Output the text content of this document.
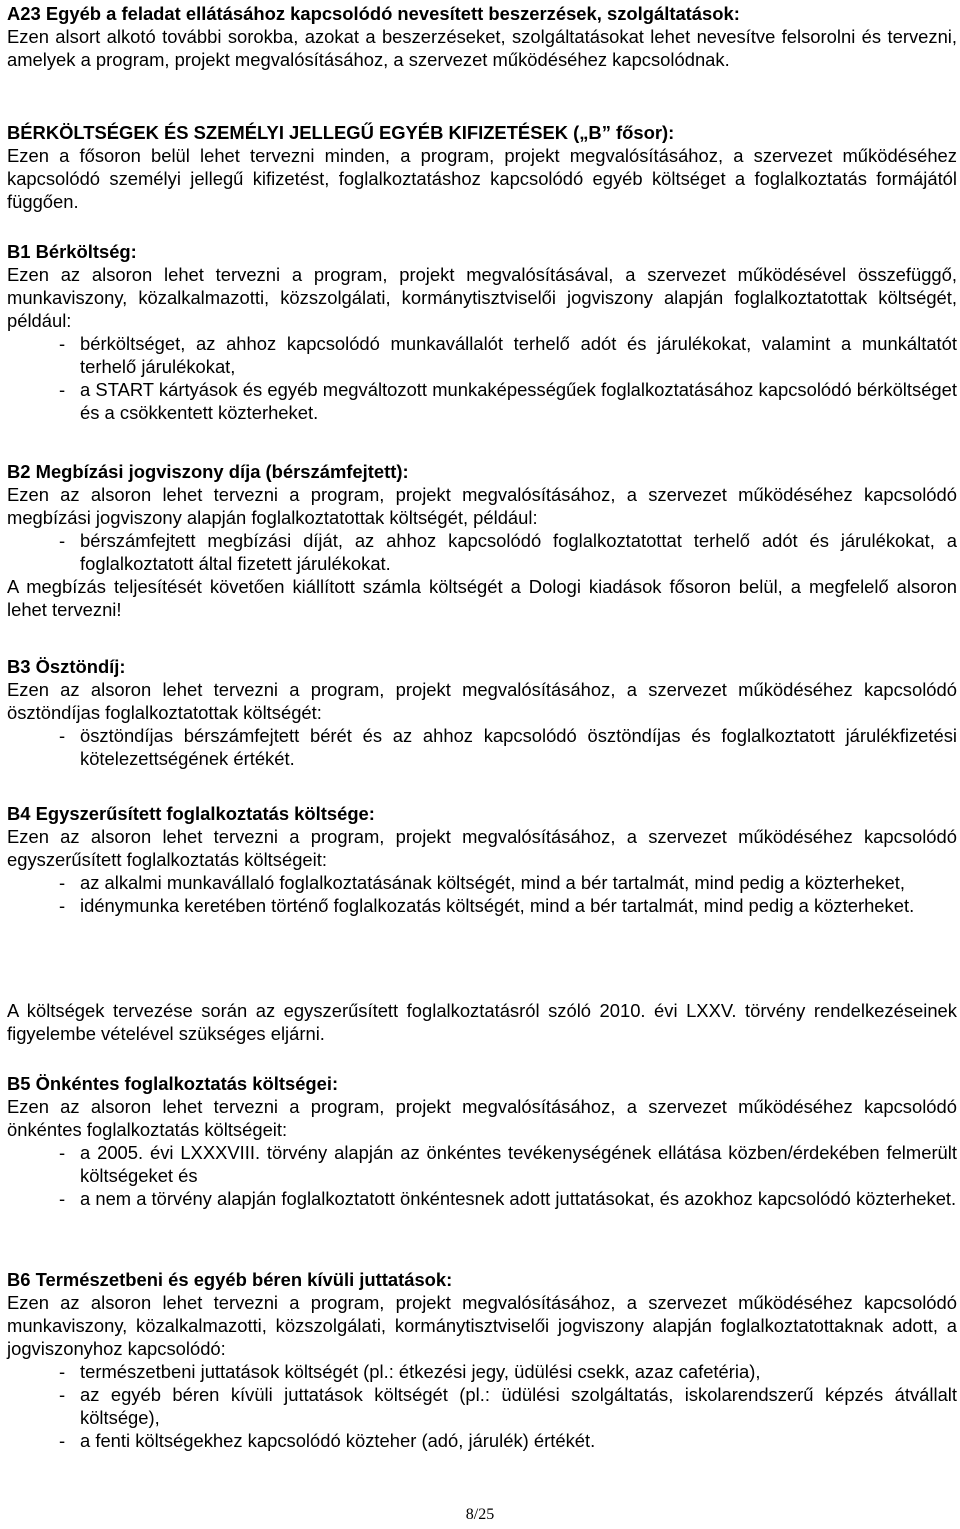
A23 Egyéb a feladat ellátásához kapcsolódó nevesített beszerzések, szolgáltatások:
Ezen alsort alkotó további sorokba, azokat a beszerzéseket, szolgáltatásokat lehet nevesítve felsorolni és tervezni, amelyek a program, projekt megvalósításához, a szervezet működéséhez kapcsolódnak.
BÉRKÖLTSÉGEK ÉS SZEMÉLYI JELLEGŰ EGYÉB KIFIZETÉSEK („B” fősor):
Ezen a fősoron belül lehet tervezni minden, a program, projekt megvalósításához, a szervezet működéséhez kapcsolódó személyi jellegű kifizetést, foglalkoztatáshoz kapcsolódó egyéb költséget a foglalkoztatás formájától függően.
B1 Bérköltség:
Ezen az alsoron lehet tervezni a program, projekt megvalósításával, a szervezet működésével összefüggő, munkaviszony, közalkalmazotti, közszolgálati, kormánytisztviselői jogviszony alapján foglalkoztatottak költségét, például:
- bérköltséget, az ahhoz kapcsolódó munkavállalót terhelő adót és járulékokat, valamint a munkáltatót terhelő járulékokat,
- a START kártyások és egyéb megváltozott munkaképességűek foglalkoztatásához kapcsolódó bérköltséget és a csökkentett közterheket.
B2 Megbízási jogviszony díja (bérszámfejtett):
Ezen az alsoron lehet tervezni a program, projekt megvalósításához, a szervezet működéséhez kapcsolódó megbízási jogviszony alapján foglalkoztatottak költségét, például:
- bérszámfejtett megbízási díját, az ahhoz kapcsolódó foglalkoztatottat terhelő adót és járulékokat, a foglalkoztatott által fizetett járulékokat.
A megbízás teljesítését követően kiállított számla költségét a Dologi kiadások fősoron belül, a megfelelő alsoron lehet tervezni!
B3 Ösztöndíj:
Ezen az alsoron lehet tervezni a program, projekt megvalósításához, a szervezet működéséhez kapcsolódó ösztöndíjas foglalkoztatottak költségét:
- ösztöndíjas bérszámfejtett bérét és az ahhoz kapcsolódó ösztöndíjas és foglalkoztatott járulékfizetési kötelezettségének értékét.
B4 Egyszerűsített foglalkoztatás költsége:
Ezen az alsoron lehet tervezni a program, projekt megvalósításához, a szervezet működéséhez kapcsolódó egyszerűsített foglalkoztatás költségeit:
- az alkalmi munkavállaló foglalkoztatásának költségét, mind a bér tartalmát, mind pedig a közterheket,
- idénymunka keretében történő foglalkozatás költségét, mind a bér tartalmát, mind pedig a közterheket.
A költségek tervezése során az egyszerűsített foglalkoztatásról szóló 2010. évi LXXV. törvény rendelkezéseinek figyelembe vételével szükséges eljárni.
B5 Önkéntes foglalkoztatás költségei:
Ezen az alsoron lehet tervezni a program, projekt megvalósításához, a szervezet működéséhez kapcsolódó önkéntes foglalkoztatás költségeit:
- a 2005. évi LXXXVIII. törvény alapján az önkéntes tevékenységének ellátása közben/érdekében felmerült költségeket és
- a nem a törvény alapján foglalkoztatott önkéntesnek adott juttatásokat, és azokhoz kapcsolódó közterheket.
B6 Természetbeni és egyéb béren kívüli juttatások:
Ezen az alsoron lehet tervezni a program, projekt megvalósításához, a szervezet működéséhez kapcsolódó munkaviszony, közalkalmazotti, közszolgálati, kormánytisztviselői jogviszony alapján foglalkoztatottaknak adott, a jogviszonyhoz kapcsolódó:
- természetbeni juttatások költségét (pl.: étkezési jegy, üdülési csekk, azaz cafetéria),
- az egyéb béren kívüli juttatások költségét (pl.: üdülési szolgáltatás, iskolarendszerű képzés átvállalt költsége),
- a fenti költségekhez kapcsolódó közteher (adó, járulék) értékét.
8/25
